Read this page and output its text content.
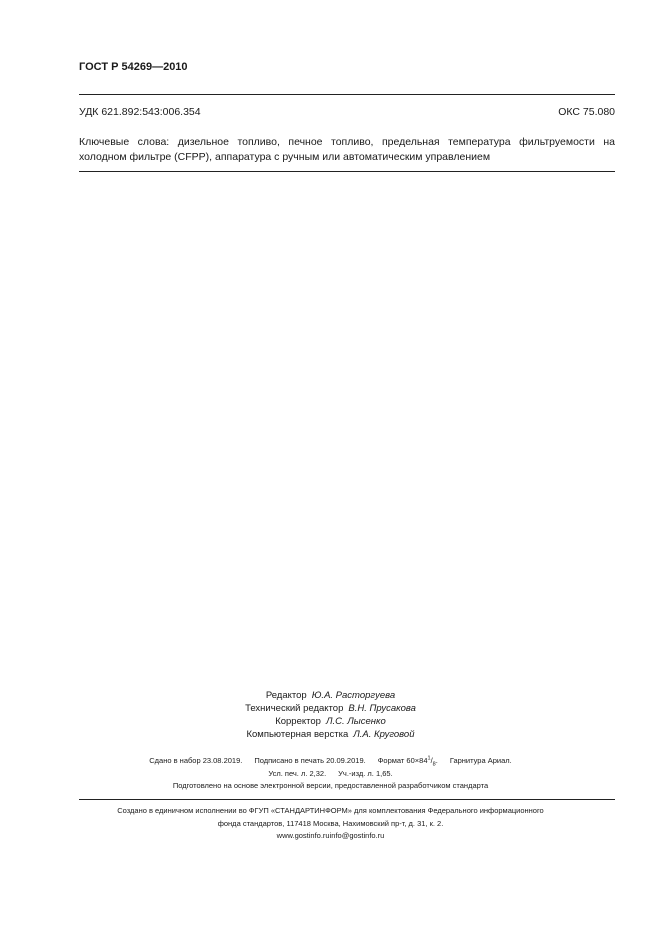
ГОСТ Р 54269—2010
УДК 621.892:543:006.354	ОКС 75.080
Ключевые слова: дизельное топливо, печное топливо, предельная температура фильтруемости на холодном фильтре (CFPP), аппаратура с ручным или автоматическим управлением
Редактор Ю.А. Расторгуева
Технический редактор В.Н. Прусакова
Корректор Л.С. Лысенко
Компьютерная верстка Л.А. Круговой
Сдано в набор 23.08.2019. Подписано в печать 20.09.2019. Формат $60\times 84^1/_8$. Гарнитура Ариал.
Усл. печ. л. 2,32. Уч.-изд. л. 1,65.
Подготовлено на основе электронной версии, предоставленной разработчиком стандарта
Создано в единичном исполнении во ФГУП «СТАНДАРТИНФОРМ» для комплектования Федерального информационного
фонда стандартов, 117418 Москва, Нахимовский пр-т, д. 31, к. 2.
www.gostinfo.ruinfo@gostinfo.ru
